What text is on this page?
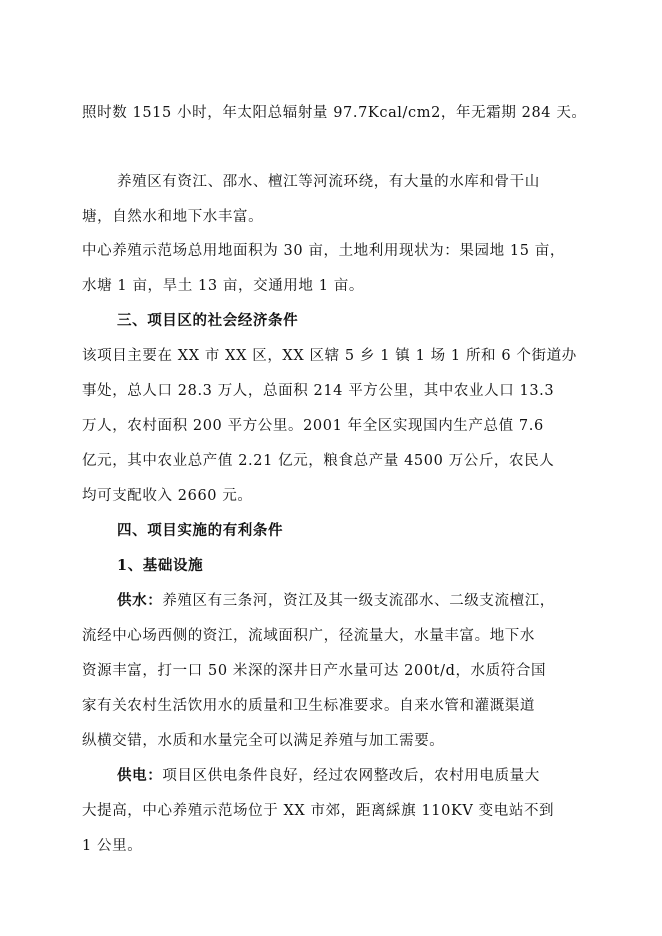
照时数 1515 小时，年太阳总辐射量 97.7Kcal/cm2，年无霜期 284 天。
养殖区有资江、邵水、檀江等河流环绕，有大量的水库和骨干山
塘，自然水和地下水丰富。
中心养殖示范场总用地面积为 30 亩，土地利用现状为：果园地 15 亩，
水塘 1 亩，旱土 13 亩，交通用地 1 亩。
三、项目区的社会经济条件
该项目主要在 XX 市 XX 区，XX 区辖 5 乡 1 镇 1 场 1 所和 6 个街道办
事处，总人口 28.3 万人，总面积 214 平方公里，其中农业人口 13.3
万人，农村面积 200 平方公里。2001 年全区实现国内生产总值 7.6
亿元，其中农业总产值 2.21 亿元，粮食总产量 4500 万公斤，农民人
均可支配收入 2660 元。
四、项目实施的有利条件
1、基础设施
供水：养殖区有三条河，资江及其一级支流邵水、二级支流檀江，
流经中心场西侧的资江，流域面积广，径流量大，水量丰富。地下水
资源丰富，打一口 50 米深的深井日产水量可达 200t/d，水质符合国
家有关农村生活饮用水的质量和卫生标准要求。自来水管和灌溉渠道
纵横交错，水质和水量完全可以满足养殖与加工需要。
供电：项目区供电条件良好，经过农网整改后，农村用电质量大
大提高，中心养殖示范场位于 XX 市郊，距离綵旗 110KV 变电站不到
1 公里。
